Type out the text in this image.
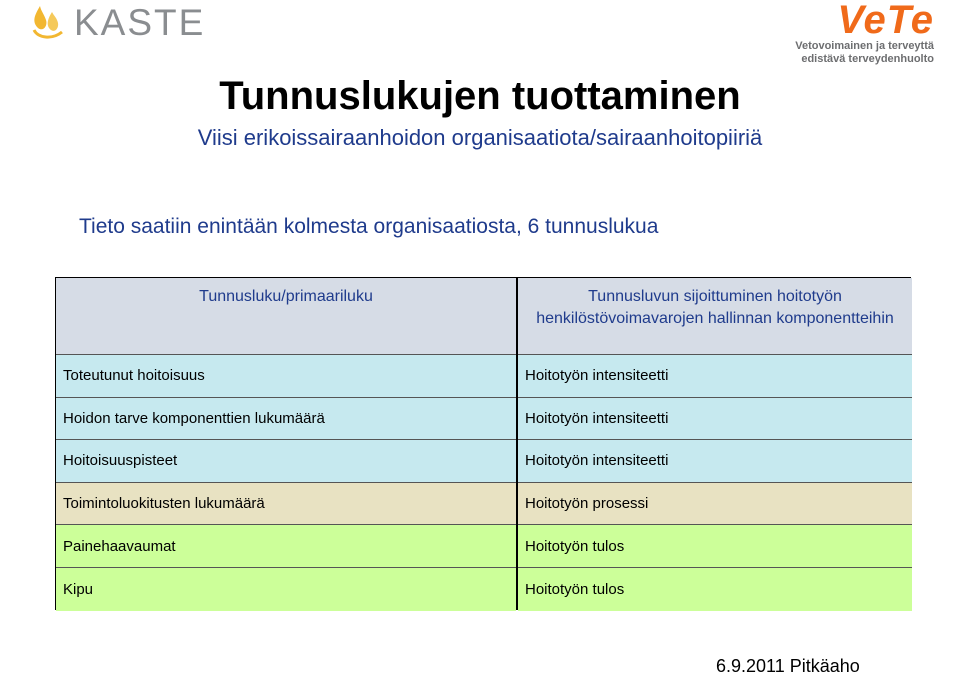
KASTE	VeTe
Vetovoimainen ja terveyttä
edistävä terveydenhuolto
Tunnuslukujen tuottaminen
Viisi erikoissairaanhoidon organisaatiota/sairaanhoitopiiriä
Tieto saatiin enintään kolmesta organisaatiosta, 6 tunnuslukua
Tunnusluku/primaariluku
Toteutunut hoitoisuus
Hoidon tarve komponenttien lukumäärä
Hoitoisuuspisteet
Toimintoluokitusten lukumäärä
Painehaavaumat
Kipu
Tunnusluvun sijoittuminen hoitotyön henkilöstövoimavarojen hallinnan komponentteihin
Hoitotyön intensiteetti
Hoitotyön intensiteetti
Hoitotyön intensiteetti
Hoitotyön prosessi
Hoitotyön tulos
Hoitotyön tulos
6.9.2011 Pitkäaho
